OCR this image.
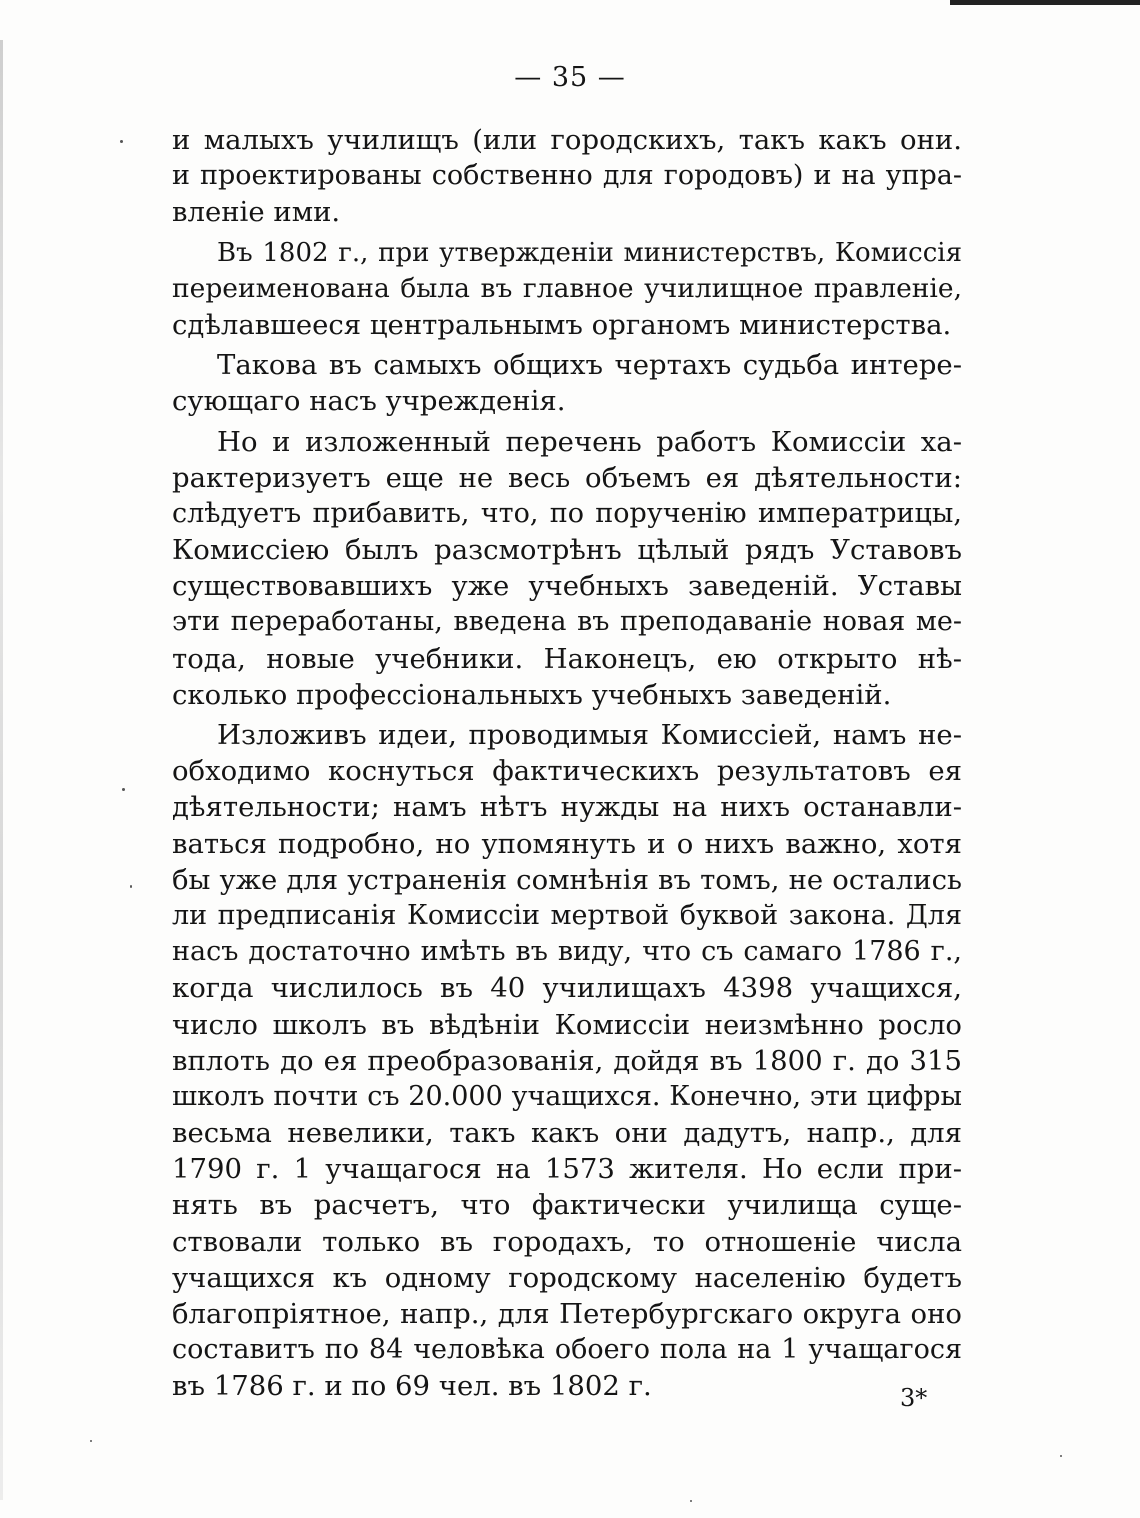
— 35 —
и малыхъ училищъ (или городскихъ, такъ какъ они.
и проектированы собственно для городовъ) и на упра-
вленіе ими.
Въ 1802 г., при утвержденіи министерствъ, Комиссія
переименована была въ главное училищное правленіе,
сдѣлавшееся центральнымъ органомъ министерства.
Такова въ самыхъ общихъ чертахъ судьба интере-
сующаго насъ учрежденія.
Но и изложенный перечень работъ Комиссіи ха-
рактеризуетъ еще не весь объемъ ея дѣятельности:
слѣдуетъ прибавить, что, по порученію императрицы,
Комиссіею былъ разсмотрѣнъ цѣлый рядъ Уставовъ
существовавшихъ уже учебныхъ заведеній. Уставы
эти переработаны, введена въ преподаваніе новая ме-
тода, новые учебники. Наконецъ, ею открыто нѣ-
сколько профессіональныхъ учебныхъ заведеній.
Изложивъ идеи, проводимыя Комиссіей, намъ не-
обходимо коснуться фактическихъ результатовъ ея
дѣятельности; намъ нѣтъ нужды на нихъ останавли-
ваться подробно, но упомянуть и о нихъ важно, хотя
бы уже для устраненія сомнѣнія въ томъ, не остались
ли предписанія Комиссіи мертвой буквой закона. Для
насъ достаточно имѣть въ виду, что съ самаго 1786 г.,
когда числилось въ 40 училищахъ 4398 учащихся,
число школъ въ вѣдѣніи Комиссіи неизмѣнно росло
вплоть до ея преобразованія, дойдя въ 1800 г. до 315
школъ почти съ 20.000 учащихся. Конечно, эти цифры
весьма невелики, такъ какъ они дадутъ, напр., для
1790 г. 1 учащагося на 1573 жителя. Но если при-
нять въ расчетъ, что фактически училища суще-
ствовали только въ городахъ, то отношеніе числа
учащихся къ одному городскому населенію будетъ
благопріятное, напр., для Петербургскаго округа оно
составитъ по 84 человѣка обоего пола на 1 учащагося
въ 1786 г. и по 69 чел. въ 1802 г.	3*
